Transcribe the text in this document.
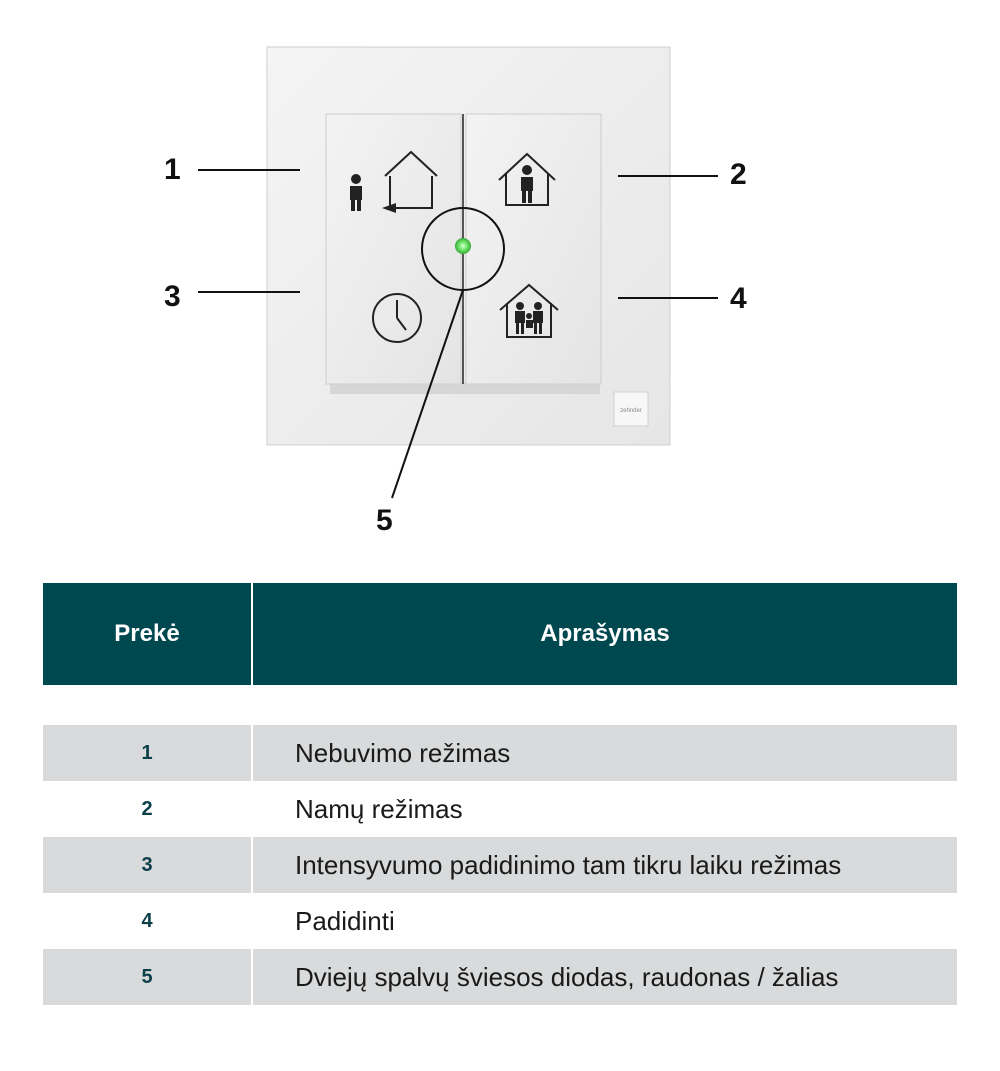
zehnder
1	2
3	4
5
Prekė	Aprašymas

1	Nebuvimo režimas
2	Namų režimas
3	Intensyvumo padidinimo tam tikru laiku režimas
4	Padidinti
5	Dviejų spalvų šviesos diodas, raudonas / žalias
